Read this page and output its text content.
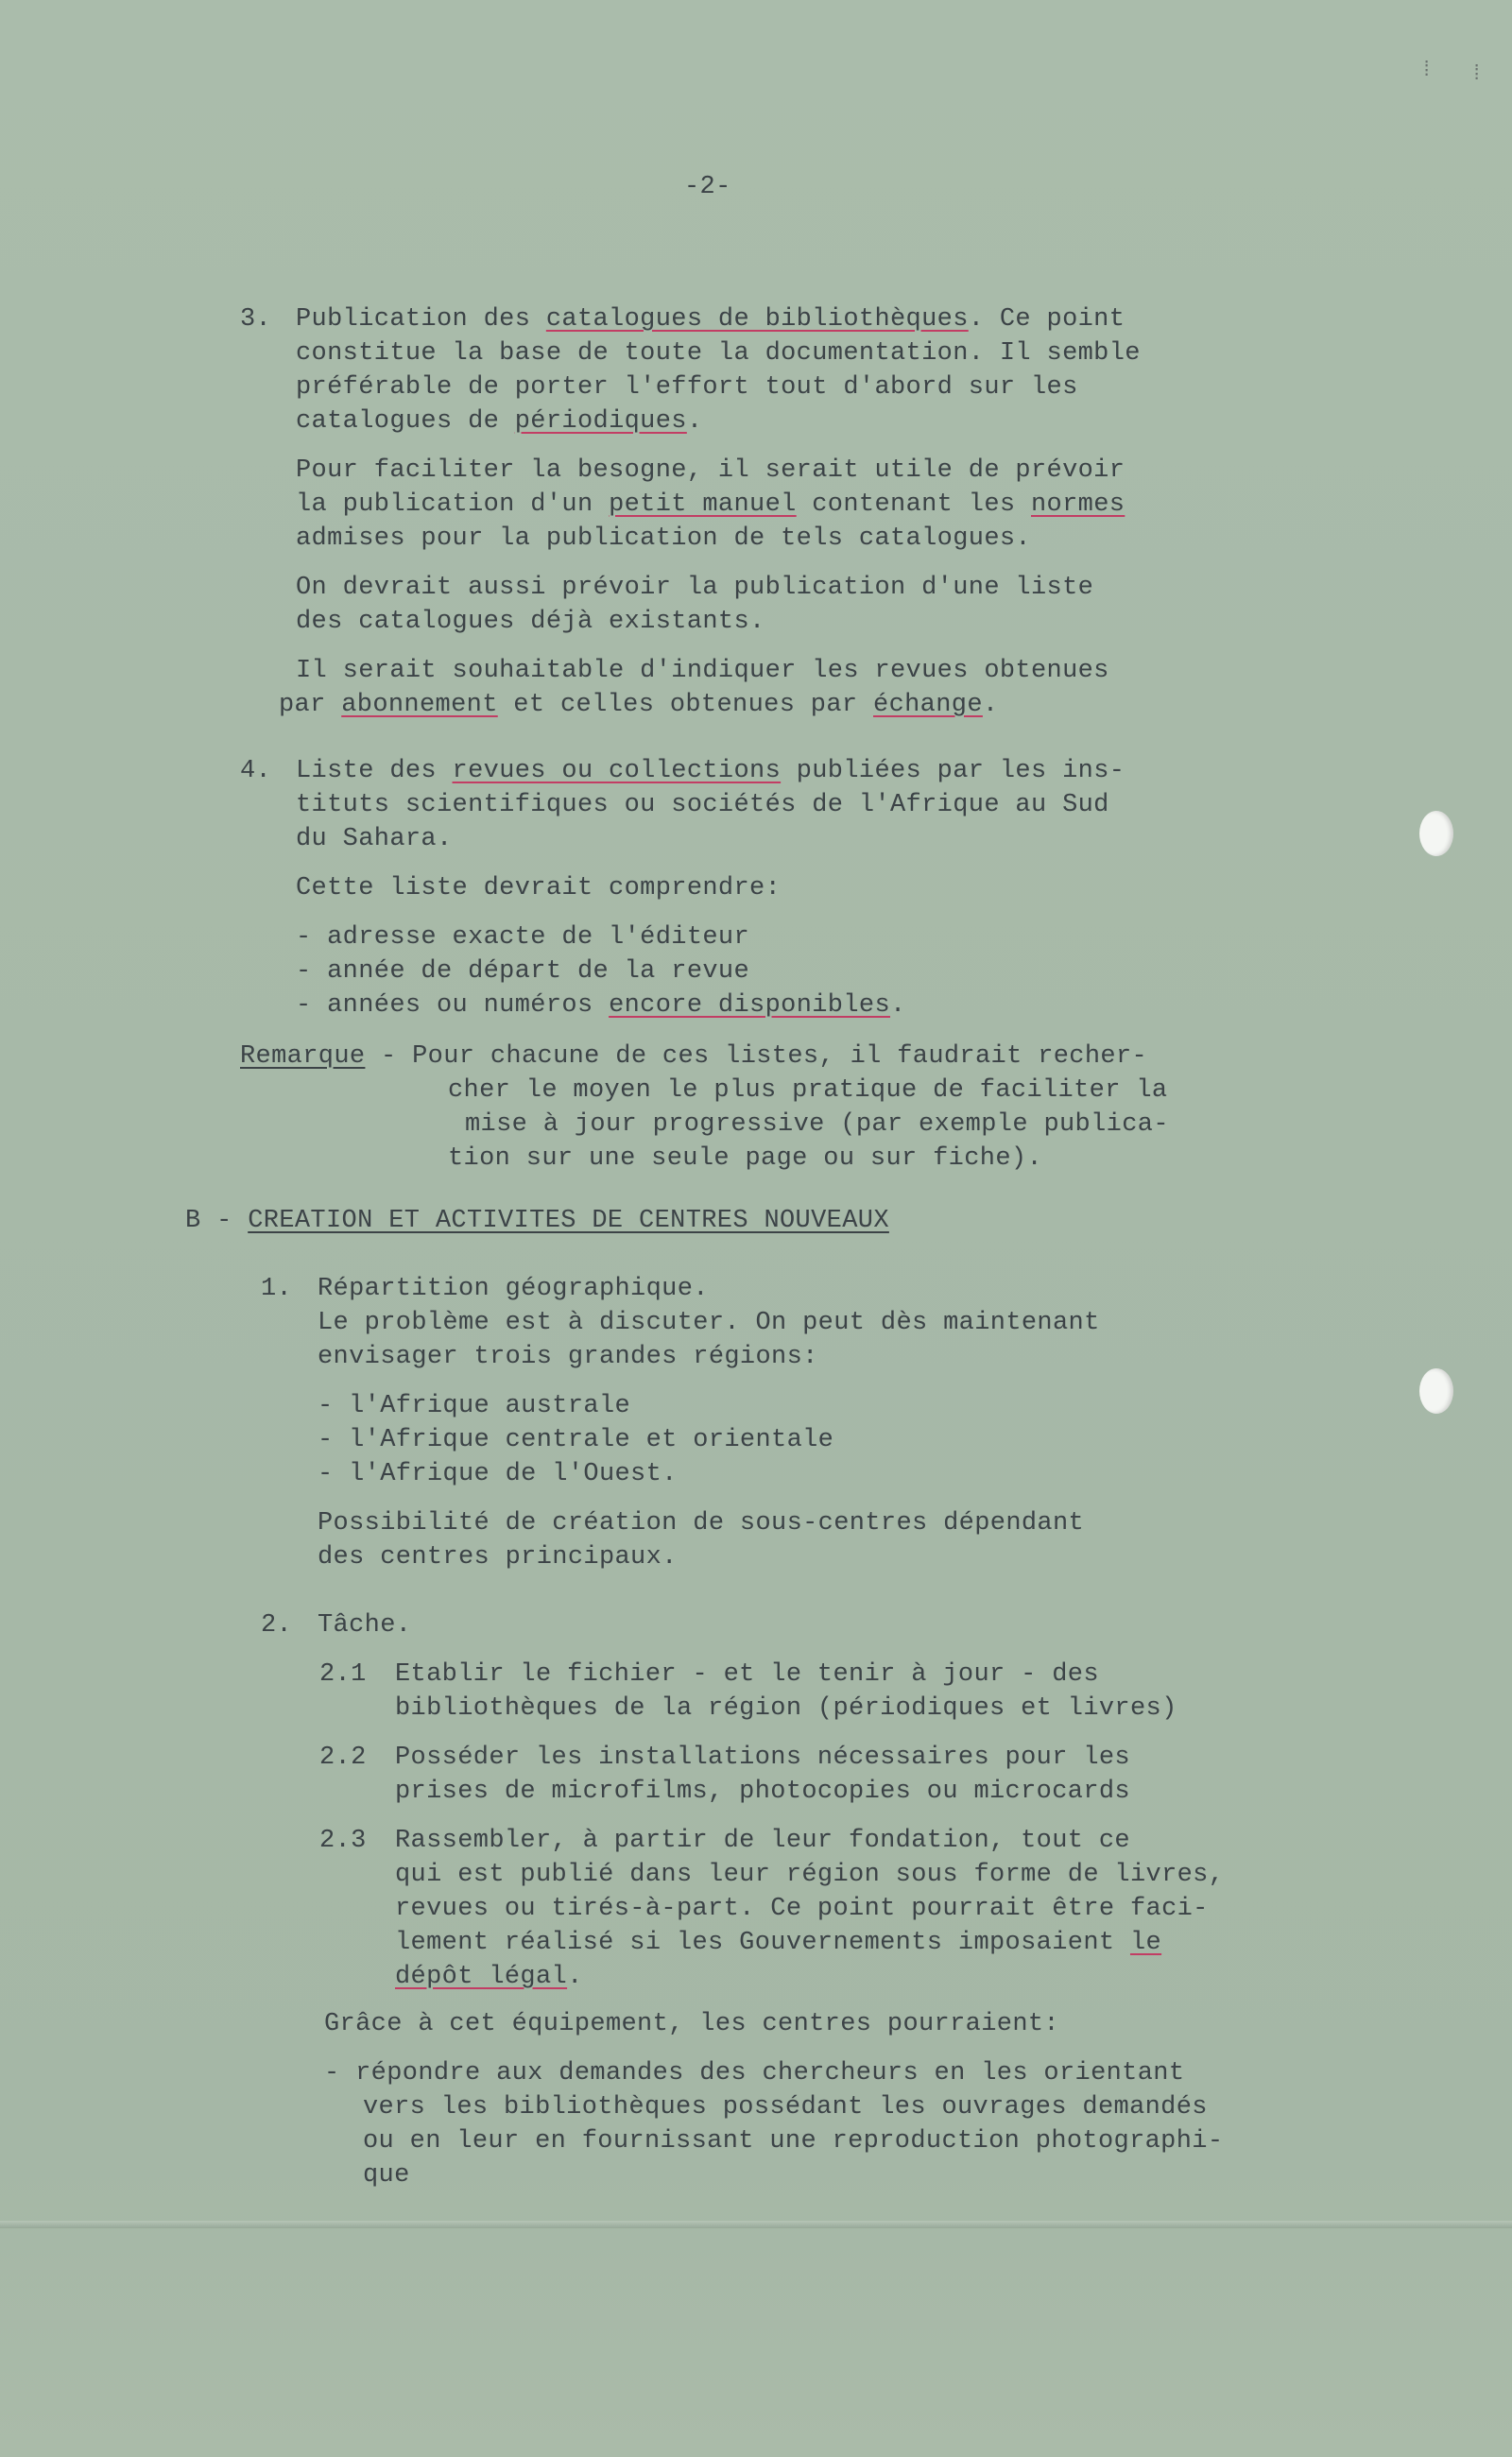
⁞ ⁞
-2-
3. Publication des catalogues de bibliothèques. Ce point
constitue la base de toute la documentation. Il semble
préférable de porter l'effort tout d'abord sur les
catalogues de périodiques.
Pour faciliter la besogne, il serait utile de prévoir
la publication d'un petit manuel contenant les normes
admises pour la publication de tels catalogues.
On devrait aussi prévoir la publication d'une liste
des catalogues déjà existants.
Il serait souhaitable d'indiquer les revues obtenues
par abonnement et celles obtenues par échange.
4. Liste des revues ou collections publiées par les ins-
tituts scientifiques ou sociétés de l'Afrique au Sud
du Sahara.
Cette liste devrait comprendre:
- adresse exacte de l'éditeur
- année de départ de la revue
- années ou numéros encore disponibles.
Remarque - Pour chacune de ces listes, il faudrait recher-
cher le moyen le plus pratique de faciliter la
mise à jour progressive (par exemple publica-
tion sur une seule page ou sur fiche).
B - CREATION ET ACTIVITES DE CENTRES NOUVEAUX
1. Répartition géographique.
Le problème est à discuter. On peut dès maintenant
envisager trois grandes régions:
- l'Afrique australe
- l'Afrique centrale et orientale
- l'Afrique de l'Ouest.
Possibilité de création de sous-centres dépendant
des centres principaux.
2. Tâche.
2.1 Etablir le fichier - et le tenir à jour - des
bibliothèques de la région (périodiques et livres)
2.2 Posséder les installations nécessaires pour les
prises de microfilms, photocopies ou microcards
2.3 Rassembler, à partir de leur fondation, tout ce
qui est publié dans leur région sous forme de livres,
revues ou tirés-à-part. Ce point pourrait être faci-
lement réalisé si les Gouvernements imposaient le
dépôt légal.
Grâce à cet équipement, les centres pourraient:
- répondre aux demandes des chercheurs en les orientant
vers les bibliothèques possédant les ouvrages demandés
ou en leur en fournissant une reproduction photographi-
que
